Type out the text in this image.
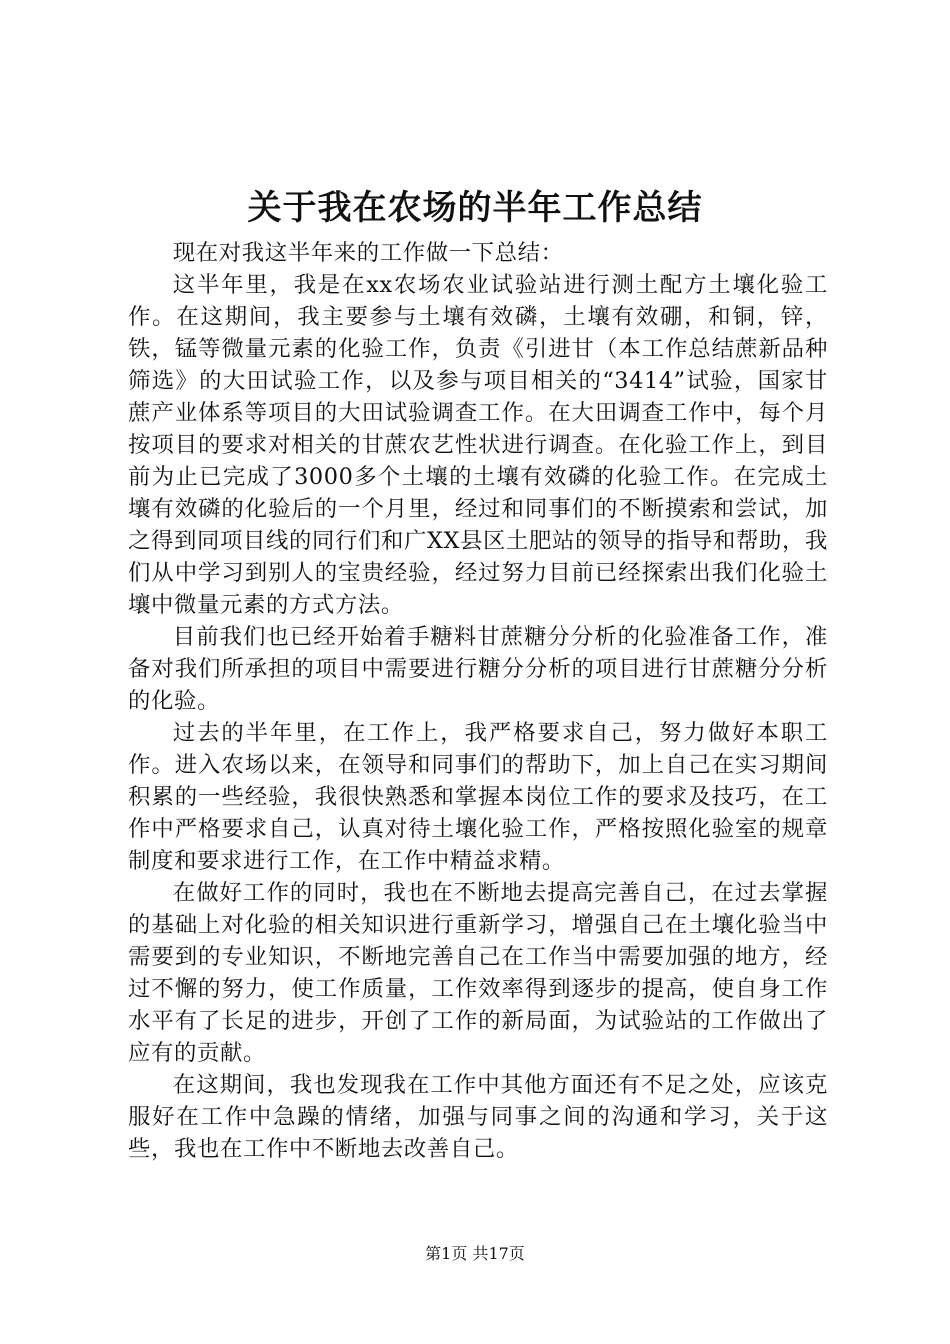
关于我在农场的半年工作总结

现在对我这半年来的工作做一下总结：

这半年里，我是在xx农场农业试验站进行测土配方土壤化验工作。在这期间，我主要参与土壤有效磷，土壤有效硼，和铜，锌，铁，锰等微量元素的化验工作，负责《引进甘（本工作总结蔗新品种筛选》的大田试验工作，以及参与项目相关的“3414”试验，国家甘蔗产业体系等项目的大田试验调查工作。在大田调查工作中，每个月按项目的要求对相关的甘蔗农艺性状进行调查。在化验工作上，到目前为止已完成了3000多个土壤的土壤有效磷的化验工作。在完成土壤有效磷的化验后的一个月里，经过和同事们的不断摸索和尝试，加之得到同项目线的同行们和广XX县区土肥站的领导的指导和帮助，我们从中学习到别人的宝贵经验，经过努力目前已经探索出我们化验土壤中微量元素的方式方法。

目前我们也已经开始着手糖料甘蔗糖分分析的化验准备工作，准备对我们所承担的项目中需要进行糖分分析的项目进行甘蔗糖分分析的化验。

过去的半年里，在工作上，我严格要求自己，努力做好本职工作。进入农场以来，在领导和同事们的帮助下，加上自己在实习期间积累的一些经验，我很快熟悉和掌握本岗位工作的要求及技巧，在工作中严格要求自己，认真对待土壤化验工作，严格按照化验室的规章制度和要求进行工作，在工作中精益求精。

在做好工作的同时，我也在不断地去提高完善自己，在过去掌握的基础上对化验的相关知识进行重新学习，增强自己在土壤化验当中需要到的专业知识，不断地完善自己在工作当中需要加强的地方，经过不懈的努力，使工作质量，工作效率得到逐步的提高，使自身工作水平有了长足的进步，开创了工作的新局面，为试验站的工作做出了应有的贡献。

在这期间，我也发现我在工作中其他方面还有不足之处，应该克服好在工作中急躁的情绪，加强与同事之间的沟通和学习，关于这些，我也在工作中不断地去改善自己。

第1页 共17页
